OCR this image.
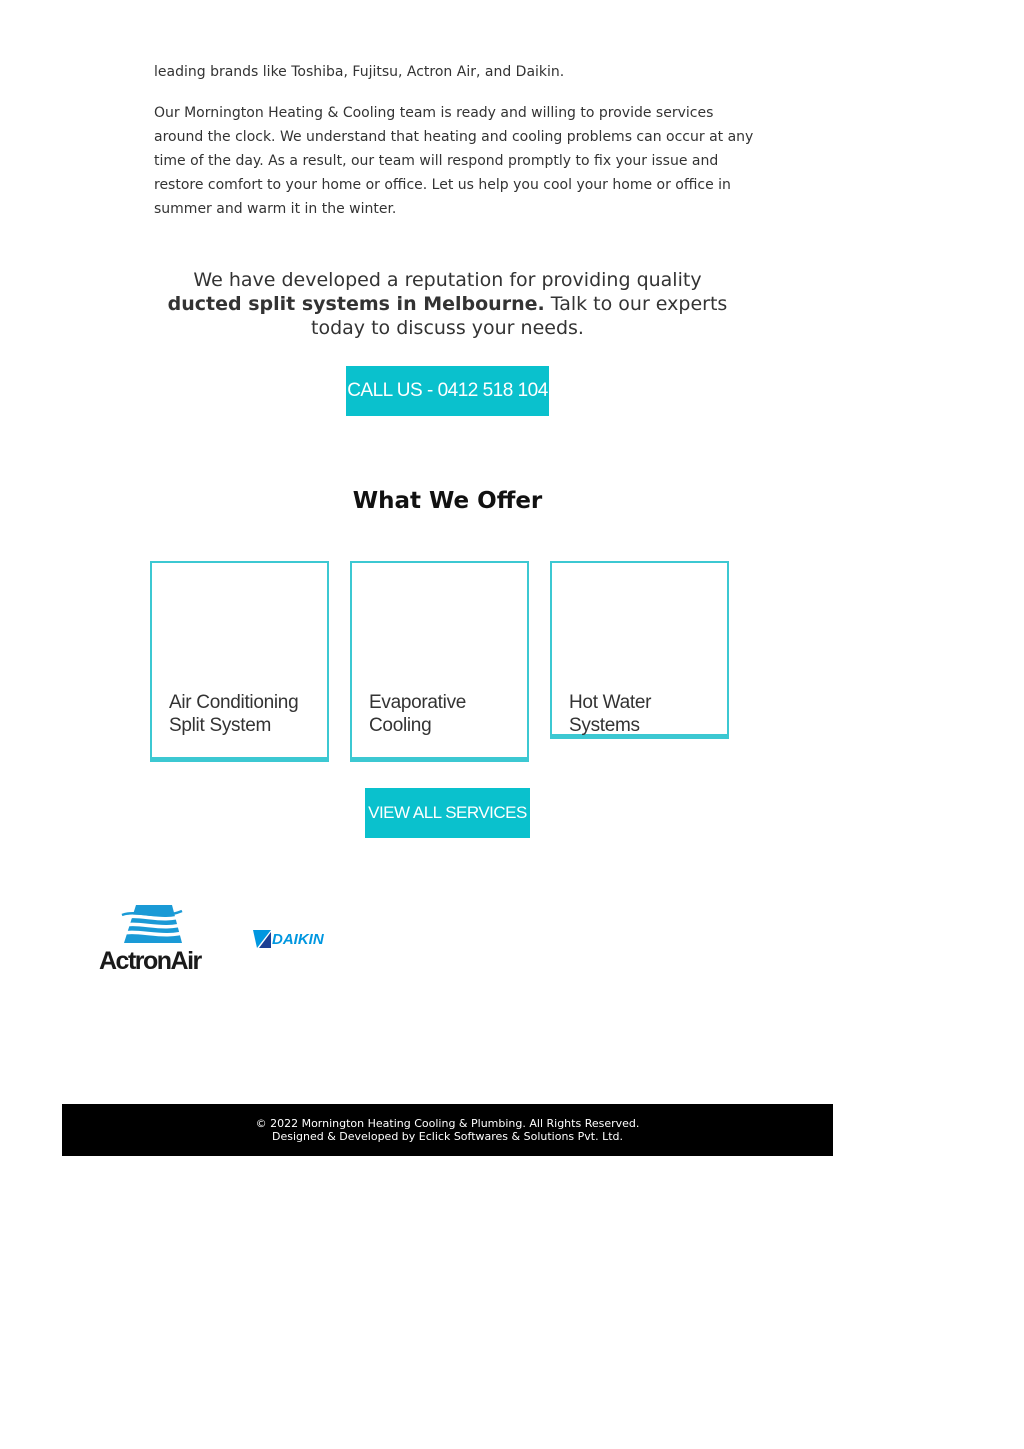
leading brands like Toshiba, Fujitsu, Actron Air, and Daikin.

Our Mornington Heating & Cooling team is ready and willing to provide services around the clock. We understand that heating and cooling problems can occur at any time of the day. As a result, our team will respond promptly to fix your issue and restore comfort to your home or office. Let us help you cool your home or office in summer and warm it in the winter.

We have developed a reputation for providing quality
ducted split systems in Melbourne. Talk to our experts today to discuss your needs.
CALL US - 0412 518 104
What We Offer
Air Conditioning Split System
Evaporative Cooling
Hot Water Systems
VIEW ALL SERVICES
ActronAir
DAIKIN
© 2022 Mornington Heating Cooling & Plumbing. All Rights Reserved.
Designed & Developed by Eclick Softwares & Solutions Pvt. Ltd.
